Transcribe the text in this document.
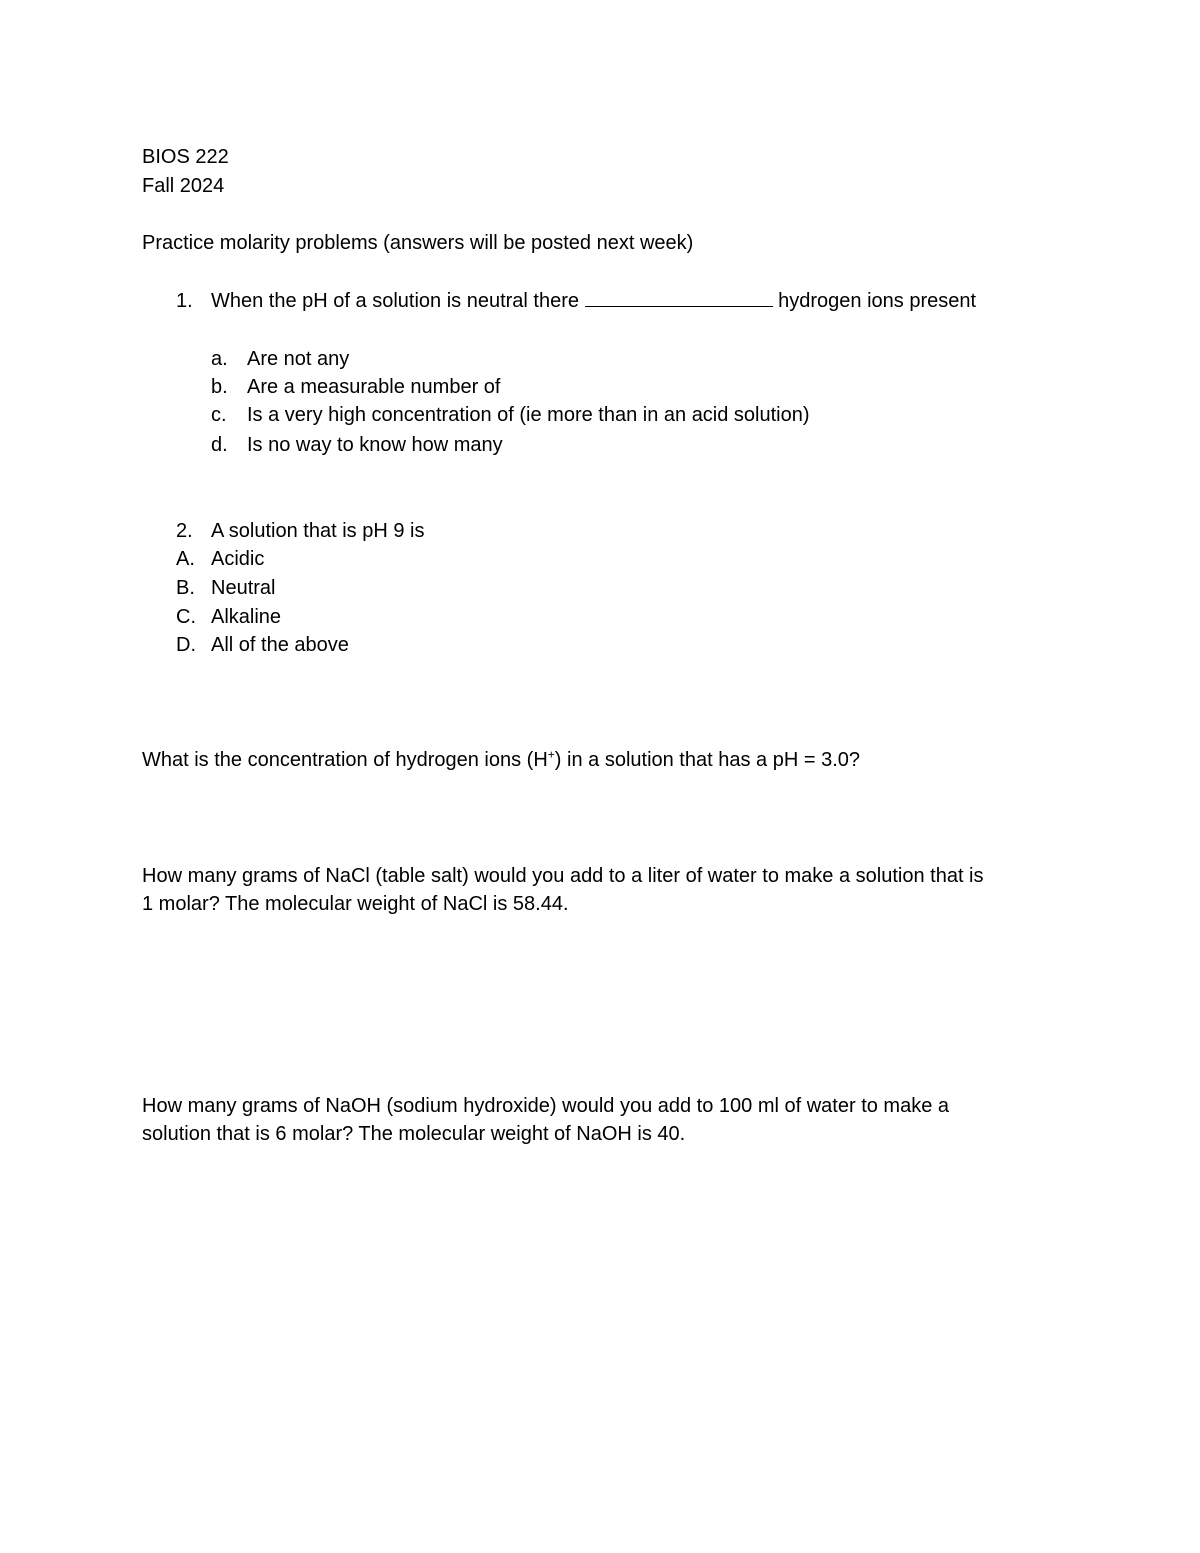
BIOS 222
Fall 2024
Practice molarity problems (answers will be posted next week)
1. When the pH of a solution is neutral there	hydrogen ions present
a. Are not any
b. Are a measurable number of
c. Is a very high concentration of (ie more than in an acid solution)
d. Is no way to know how many
2. A solution that is pH 9 is
A. Acidic
B. Neutral
C. Alkaline
D. All of the above
What is the concentration of hydrogen ions (H+) in a solution that has a pH = 3.0?
How many grams of NaCl (table salt) would you add to a liter of water to make a solution that is
1 molar? The molecular weight of NaCl is 58.44.
How many grams of NaOH (sodium hydroxide) would you add to 100 ml of water to make a
solution that is 6 molar? The molecular weight of NaOH is 40.
